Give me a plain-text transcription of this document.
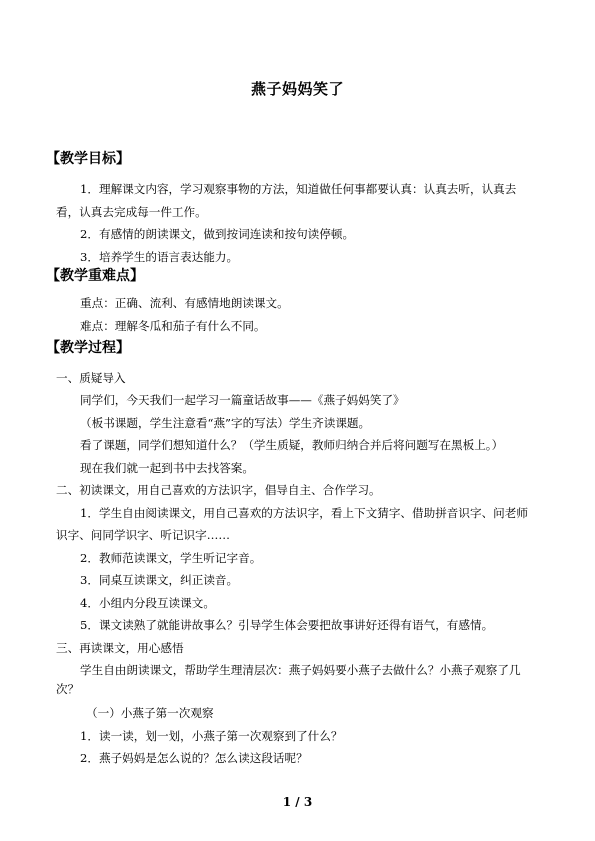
燕子妈妈笑了
【教学目标】
1．理解课文内容，学习观察事物的方法，知道做任何事都要认真：认真去听，认真去
看，认真去完成每一件工作。
2．有感情的朗读课文，做到按词连读和按句读停顿。
3．培养学生的语言表达能力。
【教学重难点】
重点：正确、流利、有感情地朗读课文。
难点：理解冬瓜和茄子有什么不同。
【教学过程】
一、质疑导入
同学们，今天我们一起学习一篇童话故事——《燕子妈妈笑了》
（板书课题，学生注意看“燕”字的写法）学生齐读课题。
看了课题，同学们想知道什么？（学生质疑，教师归纳合并后将问题写在黑板上。）
现在我们就一起到书中去找答案。
二、初读课文，用自己喜欢的方法识字，倡导自主、合作学习。
1．学生自由阅读课文，用自己喜欢的方法识字，看上下文猜字、借助拼音识字、问老师
识字、问同学识字、听记识字……
2．教师范读课文，学生听记字音。
3．同桌互读课文，纠正读音。
4．小组内分段互读课文。
5．课文读熟了就能讲故事么？引导学生体会要把故事讲好还得有语气，有感情。
三、再读课文，用心感悟
学生自由朗读课文，帮助学生理清层次：燕子妈妈要小燕子去做什么？小燕子观察了几
次？
（一）小燕子第一次观察
1．读一读，划一划，小燕子第一次观察到了什么？
2．燕子妈妈是怎么说的？怎么读这段话呢？
1 / 3
